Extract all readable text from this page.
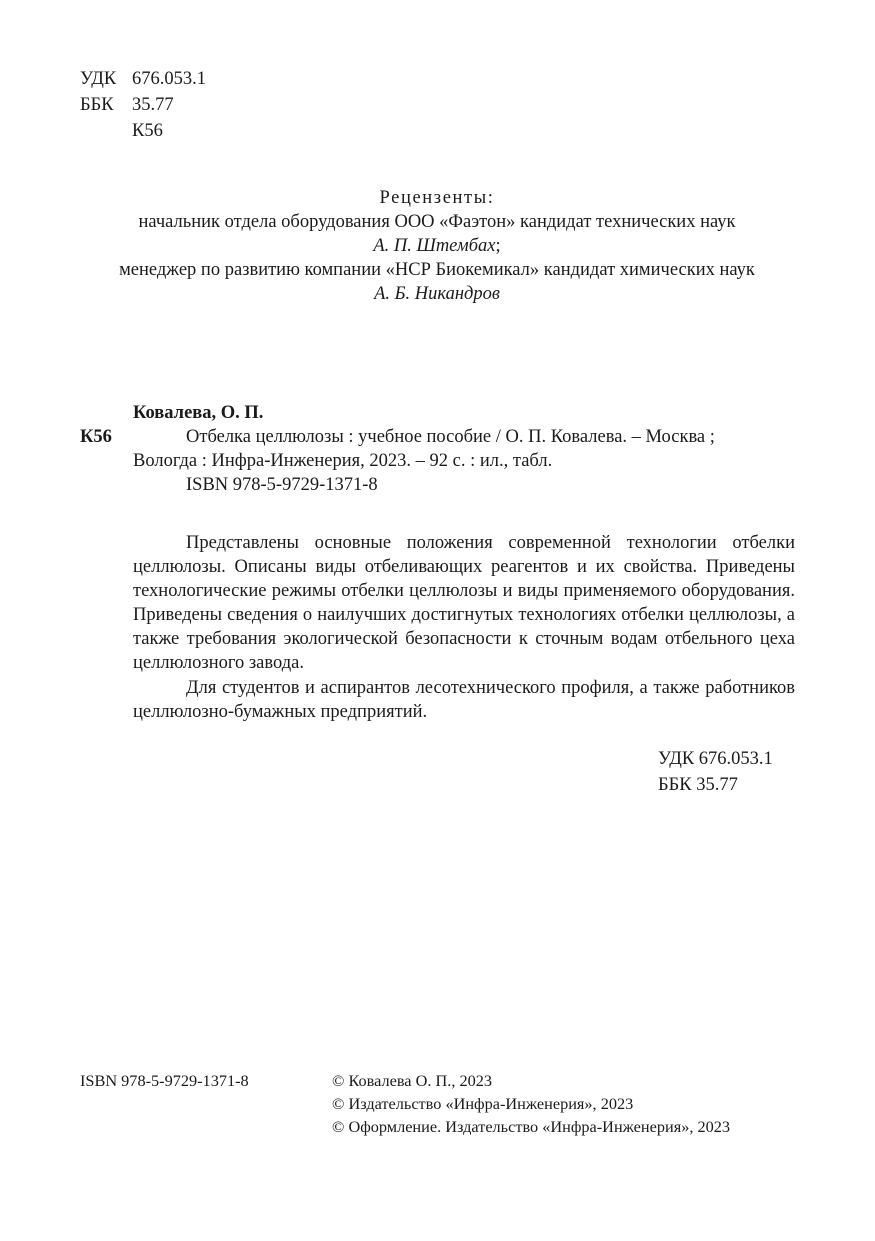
УДК 676.053.1
ББК 35.77
К56
Рецензенты:
начальник отдела оборудования ООО «Фаэтон» кандидат технических наук
А. П. Штембах;
менеджер по развитию компании «НСР Биокемикал» кандидат химических наук
А. Б. Никандров
Ковалева, О. П.
К56	Отбелка целлюлозы : учебное пособие / О. П. Ковалева. – Москва ;
Вологда : Инфра-Инженерия, 2023. – 92 с. : ил., табл.
ISBN 978-5-9729-1371-8

Представлены основные положения современной технологии отбелки целлюлозы. Описаны виды отбеливающих реагентов и их свойства. Приведены технологические режимы отбелки целлюлозы и виды применяемого оборудования. Приведены сведения о наилучших достигнутых технологиях отбелки целлюлозы, а также требования экологической безопасности к сточным водам отбельного цеха целлюлозного завода.

Для студентов и аспирантов лесотехнического профиля, а также работников целлюлозно-бумажных предприятий.

УДК 676.053.1
ББК 35.77
ISBN 978-5-9729-1371-8	© Ковалева О. П., 2023
© Издательство «Инфра-Инженерия», 2023
© Оформление. Издательство «Инфра-Инженерия», 2023
